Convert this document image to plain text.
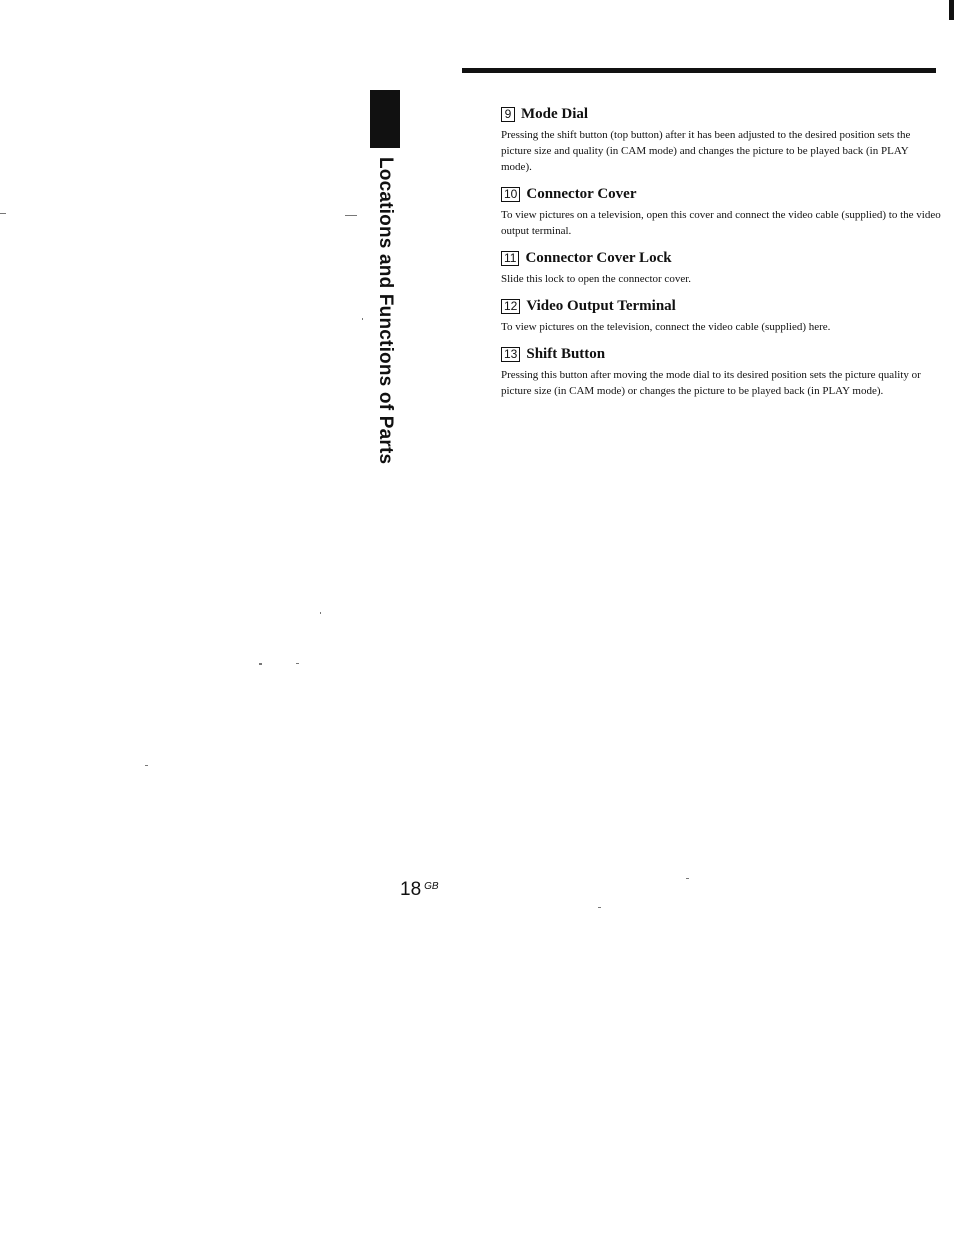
Locations and Functions of Parts
9 Mode Dial

Pressing the shift button (top button) after it has been adjusted to the desired position sets the picture size and quality (in CAM mode) and changes the picture to be played back (in PLAY mode).

10 Connector Cover

To view pictures on a television, open this cover and connect the video cable (supplied) to the video output terminal.

11 Connector Cover Lock

Slide this lock to open the connector cover.

12 Video Output Terminal

To view pictures on the television, connect the video cable (supplied) here.

13 Shift Button

Pressing this button after moving the mode dial to its desired position sets the picture quality or picture size (in CAM mode) or changes the picture to be played back (in PLAY mode).

18 $^{GB}$
